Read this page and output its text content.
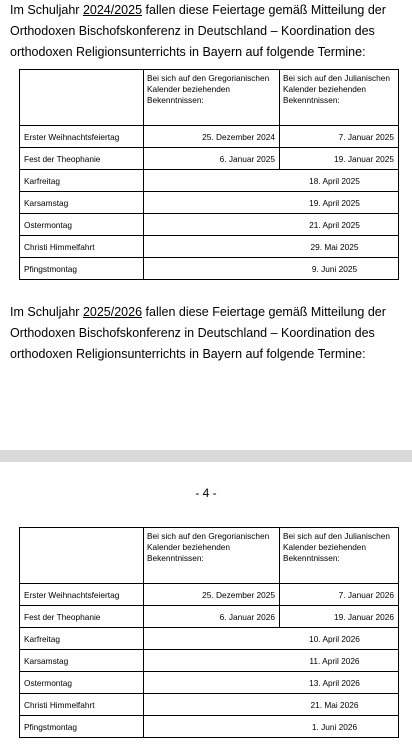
Im Schuljahr 2024/2025 fallen diese Feiertage gemäß Mitteilung der Orthodoxen Bischofskonferenz in Deutschland – Koordination des orthodoxen Religionsunterrichts in Bayern auf folgende Termine:

	Bei sich auf den Gregorianischen Kalender beziehenden Bekenntnissen:	Bei sich auf den Julianischen Kalender beziehenden Bekenntnissen:
Erster Weihnachtsfeiertag	25. Dezember 2024	7. Januar 2025
Fest der Theophanie	6. Januar 2025	19. Januar 2025
Karfreitag	18. April 2025	
Karsamstag	19. April 2025	
Ostermontag	21. April 2025	
Christi Himmelfahrt	29. Mai 2025	
Pfingstmontag	9. Juni 2025	

Im Schuljahr 2025/2026 fallen diese Feiertage gemäß Mitteilung der Orthodoxen Bischofskonferenz in Deutschland – Koordination des orthodoxen Religionsunterrichts in Bayern auf folgende Termine:

- 4 -
	Bei sich auf den Gregorianischen Kalender beziehenden Bekenntnissen:	Bei sich auf den Julianischen Kalender beziehenden Bekenntnissen:
Erster Weihnachtsfeiertag	25. Dezember 2025	7. Januar 2026
Fest der Theophanie	6. Januar 2026	19. Januar 2026
Karfreitag	10. April 2026	
Karsamstag	11. April 2026	
Ostermontag	13. April 2026	
Christi Himmelfahrt	21. Mai 2026	
Pfingstmontag	1. Juni 2026	
